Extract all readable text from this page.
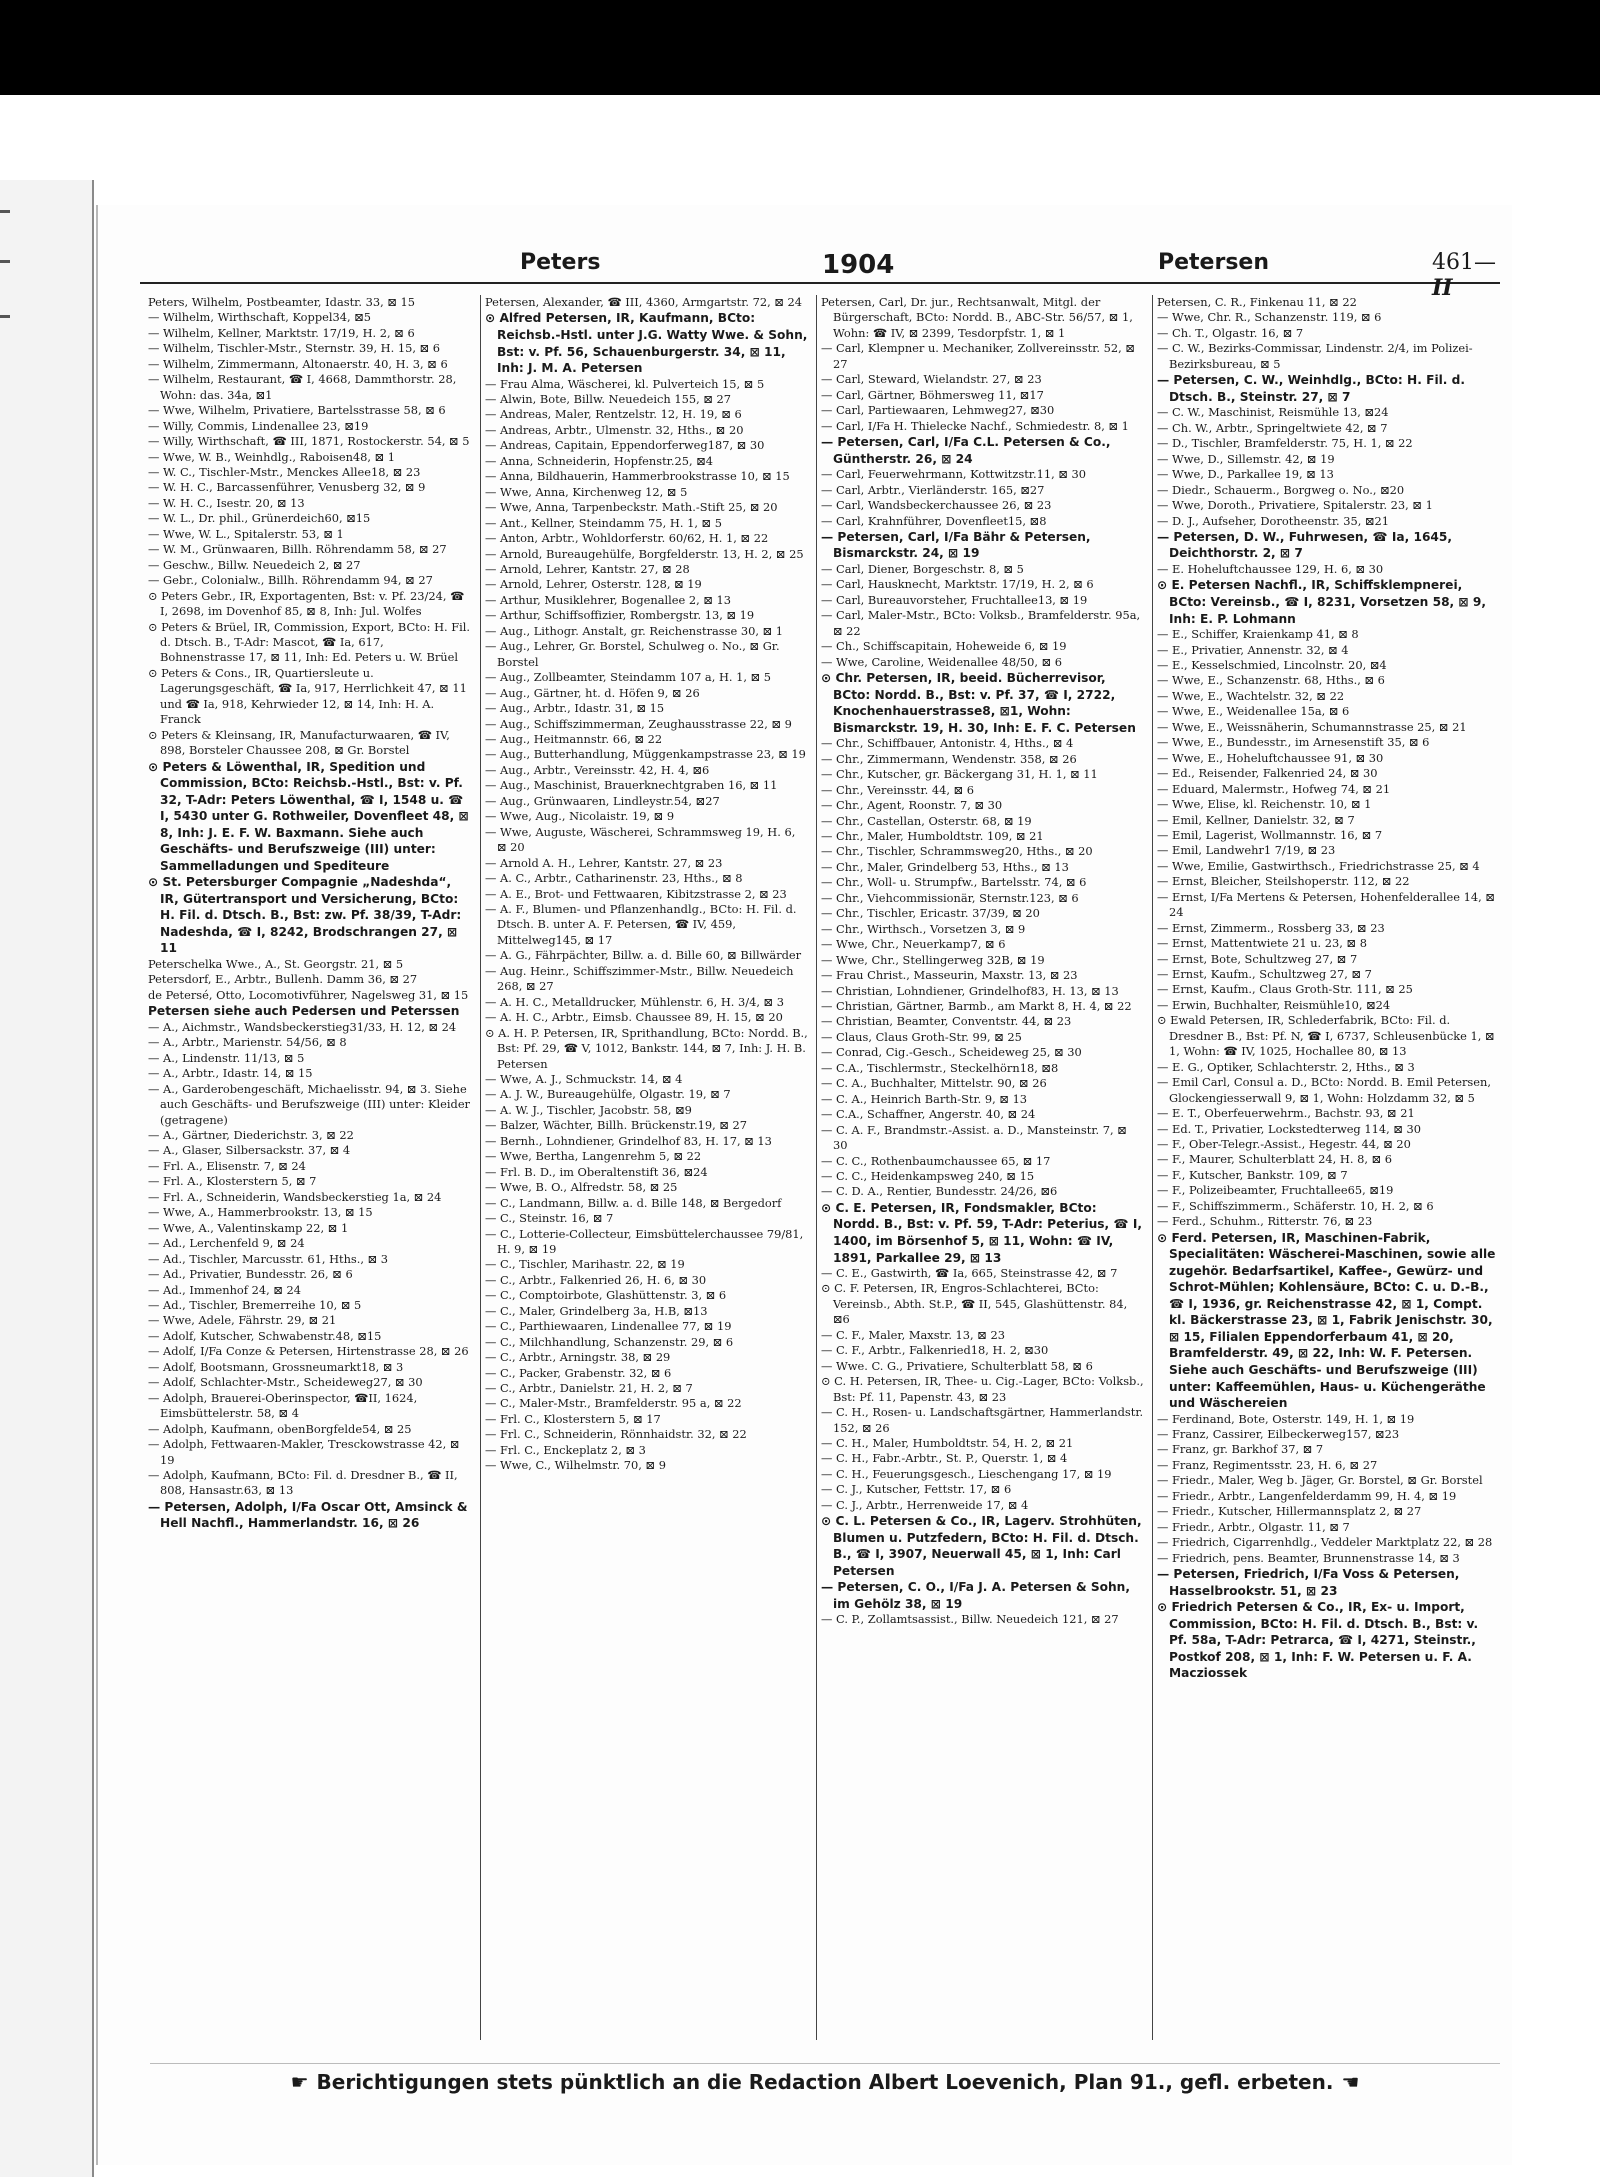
Peters	1904	Petersen	461—II

Peters, Wilhelm, Postbeamter, Idastr. 33, ⊠ 15

— Wilhelm, Wirthschaft, Koppel34, ⊠5

— Wilhelm, Kellner, Marktstr. 17/19, H. 2, ⊠ 6

— Wilhelm, Tischler-Mstr., Sternstr. 39, H. 15, ⊠ 6

— Wilhelm, Zimmermann, Altonaerstr. 40, H. 3, ⊠ 6

— Wilhelm, Restaurant, ☎ I, 4668, Dammthorstr. 28, Wohn: das. 34a, ⊠1

— Wwe, Wilhelm, Privatiere, Bartelsstrasse 58, ⊠ 6

— Willy, Commis, Lindenallee 23, ⊠19

— Willy, Wirthschaft, ☎ III, 1871, Rostockerstr. 54, ⊠ 5

— Wwe, W. B., Weinhdlg., Raboisen48, ⊠ 1

— W. C., Tischler-Mstr., Menckes Allee18, ⊠ 23

— W. H. C., Barcassenführer, Venusberg 32, ⊠ 9

— W. H. C., Isestr. 20, ⊠ 13

— W. L., Dr. phil., Grünerdeich60, ⊠15

— Wwe, W. L., Spitalerstr. 53, ⊠ 1

— W. M., Grünwaaren, Billh. Röhrendamm 58, ⊠ 27

— Geschw., Billw. Neuedeich 2, ⊠ 27

— Gebr., Colonialw., Billh. Röhrendamm 94, ⊠ 27

⊙ Peters Gebr., IR, Exportagenten, Bst: v. Pf. 23/24, ☎ I, 2698, im Dovenhof 85, ⊠ 8, Inh: Jul. Wolfes

⊙ Peters & Brüel, IR, Commission, Export, BCto: H. Fil. d. Dtsch. B., T-Adr: Mascot, ☎ Ia, 617, Bohnenstrasse 17, ⊠ 11, Inh: Ed. Peters u. W. Brüel

⊙ Peters & Cons., IR, Quartiersleute u. Lagerungsgeschäft, ☎ Ia, 917, Herrlichkeit 47, ⊠ 11 und ☎ Ia, 918, Kehrwieder 12, ⊠ 14, Inh: H. A. Franck

⊙ Peters & Kleinsang, IR, Manufacturwaaren, ☎ IV, 898, Borsteler Chaussee 208, ⊠ Gr. Borstel

⊙ Peters & Löwenthal, IR, Spedition und Commission, BCto: Reichsb.-Hstl., Bst: v. Pf. 32, T-Adr: Peters Löwenthal, ☎ I, 1548 u. ☎ I, 5430 unter G. Rothweiler, Dovenfleet 48, ⊠ 8, Inh: J. E. F. W. Baxmann. Siehe auch Geschäfts- und Berufszweige (III) unter: Sammelladungen und Spediteure

⊙ St. Petersburger Compagnie „Nadeshda“, IR, Gütertransport und Versicherung, BCto: H. Fil. d. Dtsch. B., Bst: zw. Pf. 38/39, T-Adr: Nadeshda, ☎ I, 8242, Brodschrangen 27, ⊠ 11

Peterschelka Wwe., A., St. Georgstr. 21, ⊠ 5

Petersdorf, E., Arbtr., Bullenh. Damm 36, ⊠ 27

de Petersé, Otto, Locomotivführer, Nagelsweg 31, ⊠ 15

Petersen siehe auch Pedersen und Peterssen

— A., Aichmstr., Wandsbeckerstieg31/33, H. 12, ⊠ 24

— A., Arbtr., Marienstr. 54/56, ⊠ 8

— A., Lindenstr. 11/13, ⊠ 5

— A., Arbtr., Idastr. 14, ⊠ 15

— A., Garderobengeschäft, Michaelisstr. 94, ⊠ 3. Siehe auch Geschäfts- und Berufszweige (III) unter: Kleider (getragene)

— A., Gärtner, Diederichstr. 3, ⊠ 22

— A., Glaser, Silbersackstr. 37, ⊠ 4

— Frl. A., Elisenstr. 7, ⊠ 24

— Frl. A., Klosterstern 5, ⊠ 7

— Frl. A., Schneiderin, Wandsbeckerstieg 1a, ⊠ 24

— Wwe, A., Hammerbrookstr. 13, ⊠ 15

— Wwe, A., Valentinskamp 22, ⊠ 1

— Ad., Lerchenfeld 9, ⊠ 24

— Ad., Tischler, Marcusstr. 61, Hths., ⊠ 3

— Ad., Privatier, Bundesstr. 26, ⊠ 6

— Ad., Immenhof 24, ⊠ 24

— Ad., Tischler, Bremerreihe 10, ⊠ 5

— Wwe, Adele, Fährstr. 29, ⊠ 21

— Adolf, Kutscher, Schwabenstr.48, ⊠15

— Adolf, I/Fa Conze & Petersen, Hirtenstrasse 28, ⊠ 26

— Adolf, Bootsmann, Grossneumarkt18, ⊠ 3

— Adolf, Schlachter-Mstr., Scheideweg27, ⊠ 30

— Adolph, Brauerei-Oberinspector, ☎II, 1624, Eimsbüttelerstr. 58, ⊠ 4

— Adolph, Kaufmann, obenBorgfelde54, ⊠ 25

— Adolph, Fettwaaren-Makler, Tresckowstrasse 42, ⊠ 19

— Adolph, Kaufmann, BCto: Fil. d. Dresdner B., ☎ II, 808, Hansastr.63, ⊠ 13

— Petersen, Adolph, I/Fa Oscar Ott, Amsinck & Hell Nachfl., Hammerlandstr. 16, ⊠ 26

Petersen, Alexander, ☎ III, 4360, Armgartstr. 72, ⊠ 24

⊙ Alfred Petersen, IR, Kaufmann, BCto: Reichsb.-Hstl. unter J.G. Watty Wwe. & Sohn, Bst: v. Pf. 56, Schauenburgerstr. 34, ⊠ 11, Inh: J. M. A. Petersen

— Frau Alma, Wäscherei, kl. Pulverteich 15, ⊠ 5

— Alwin, Bote, Billw. Neuedeich 155, ⊠ 27

— Andreas, Maler, Rentzelstr. 12, H. 19, ⊠ 6

— Andreas, Arbtr., Ulmenstr. 32, Hths., ⊠ 20

— Andreas, Capitain, Eppendorferweg187, ⊠ 30

— Anna, Schneiderin, Hopfenstr.25, ⊠4

— Anna, Bildhauerin, Hammerbrookstrasse 10, ⊠ 15

— Wwe, Anna, Kirchenweg 12, ⊠ 5

— Wwe, Anna, Tarpenbeckstr. Math.-Stift 25, ⊠ 20

— Ant., Kellner, Steindamm 75, H. 1, ⊠ 5

— Anton, Arbtr., Wohldorferstr. 60/62, H. 1, ⊠ 22

— Arnold, Bureaugehülfe, Borgfelderstr. 13, H. 2, ⊠ 25

— Arnold, Lehrer, Kantstr. 27, ⊠ 28

— Arnold, Lehrer, Osterstr. 128, ⊠ 19

— Arthur, Musiklehrer, Bogenallee 2, ⊠ 13

— Arthur, Schiffsoffizier, Rombergstr. 13, ⊠ 19

— Aug., Lithogr. Anstalt, gr. Reichenstrasse 30, ⊠ 1

— Aug., Lehrer, Gr. Borstel, Schulweg o. No., ⊠ Gr. Borstel

— Aug., Zollbeamter, Steindamm 107 a, H. 1, ⊠ 5

— Aug., Gärtner, ht. d. Höfen 9, ⊠ 26

— Aug., Arbtr., Idastr. 31, ⊠ 15

— Aug., Schiffszimmerman, Zeughausstrasse 22, ⊠ 9

— Aug., Heitmannstr. 66, ⊠ 22

— Aug., Butterhandlung, Müggenkampstrasse 23, ⊠ 19

— Aug., Arbtr., Vereinsstr. 42, H. 4, ⊠6

— Aug., Maschinist, Brauerknechtgraben 16, ⊠ 11

— Aug., Grünwaaren, Lindleystr.54, ⊠27

— Wwe, Aug., Nicolaistr. 19, ⊠ 9

— Wwe, Auguste, Wäscherei, Schrammsweg 19, H. 6, ⊠ 20

— Arnold A. H., Lehrer, Kantstr. 27, ⊠ 23

— A. C., Arbtr., Catharinenstr. 23, Hths., ⊠ 8

— A. E., Brot- und Fettwaaren, Kibitzstrasse 2, ⊠ 23

— A. F., Blumen- und Pflanzenhandlg., BCto: H. Fil. d. Dtsch. B. unter A. F. Petersen, ☎ IV, 459, Mittelweg145, ⊠ 17

— A. G., Fährpächter, Billw. a. d. Bille 60, ⊠ Billwärder

— Aug. Heinr., Schiffszimmer-Mstr., Billw. Neuedeich 268, ⊠ 27

— A. H. C., Metalldrucker, Mühlenstr. 6, H. 3/4, ⊠ 3

— A. H. C., Arbtr., Eimsb. Chaussee 89, H. 15, ⊠ 20

⊙ A. H. P. Petersen, IR, Sprithandlung, BCto: Nordd. B., Bst: Pf. 29, ☎ V, 1012, Bankstr. 144, ⊠ 7, Inh: J. H. B. Petersen

— Wwe, A. J., Schmuckstr. 14, ⊠ 4

— A. J. W., Bureaugehülfe, Olgastr. 19, ⊠ 7

— A. W. J., Tischler, Jacobstr. 58, ⊠9

— Balzer, Wächter, Billh. Brückenstr.19, ⊠ 27

— Bernh., Lohndiener, Grindelhof 83, H. 17, ⊠ 13

— Wwe, Bertha, Langenrehm 5, ⊠ 22

— Frl. B. D., im Oberaltenstift 36, ⊠24

— Wwe, B. O., Alfredstr. 58, ⊠ 25

— C., Landmann, Billw. a. d. Bille 148, ⊠ Bergedorf

— C., Steinstr. 16, ⊠ 7

— C., Lotterie-Collecteur, Eimsbüttelerchaussee 79/81, H. 9, ⊠ 19

— C., Tischler, Marihastr. 22, ⊠ 19

— C., Arbtr., Falkenried 26, H. 6, ⊠ 30

— C., Comptoirbote, Glashüttenstr. 3, ⊠ 6

— C., Maler, Grindelberg 3a, H.B, ⊠13

— C., Parthiewaaren, Lindenallee 77, ⊠ 19

— C., Milchhandlung, Schanzenstr. 29, ⊠ 6

— C., Arbtr., Arningstr. 38, ⊠ 29

— C., Packer, Grabenstr. 32, ⊠ 6

— C., Arbtr., Danielstr. 21, H. 2, ⊠ 7

— C., Maler-Mstr., Bramfelderstr. 95 a, ⊠ 22

— Frl. C., Klosterstern 5, ⊠ 17

— Frl. C., Schneiderin, Rönnhaidstr. 32, ⊠ 22

— Frl. C., Enckeplatz 2, ⊠ 3

— Wwe, C., Wilhelmstr. 70, ⊠ 9

Petersen, Carl, Dr. jur., Rechtsanwalt, Mitgl. der Bürgerschaft, BCto: Nordd. B., ABC-Str. 56/57, ⊠ 1, Wohn: ☎ IV, ⊠ 2399, Tesdorpfstr. 1, ⊠ 1

— Carl, Klempner u. Mechaniker, Zollvereinsstr. 52, ⊠ 27

— Carl, Steward, Wielandstr. 27, ⊠ 23

— Carl, Gärtner, Böhmersweg 11, ⊠17

— Carl, Partiewaaren, Lehmweg27, ⊠30

— Carl, I/Fa H. Thielecke Nachf., Schmiedestr. 8, ⊠ 1

— Petersen, Carl, I/Fa C.L. Petersen & Co., Güntherstr. 26, ⊠ 24

— Carl, Feuerwehrmann, Kottwitzstr.11, ⊠ 30

— Carl, Arbtr., Vierländerstr. 165, ⊠27

— Carl, Wandsbeckerchaussee 26, ⊠ 23

— Carl, Krahnführer, Dovenfleet15, ⊠8

— Petersen, Carl, I/Fa Bähr & Petersen, Bismarckstr. 24, ⊠ 19

— Carl, Diener, Borgeschstr. 8, ⊠ 5

— Carl, Hausknecht, Marktstr. 17/19, H. 2, ⊠ 6

— Carl, Bureauvorsteher, Fruchtallee13, ⊠ 19

— Carl, Maler-Mstr., BCto: Volksb., Bramfelderstr. 95a, ⊠ 22

— Ch., Schiffscapitain, Hoheweide 6, ⊠ 19

— Wwe, Caroline, Weidenallee 48/50, ⊠ 6

⊙ Chr. Petersen, IR, beeid. Bücherrevisor, BCto: Nordd. B., Bst: v. Pf. 37, ☎ I, 2722, Knochenhauerstrasse8, ⊠1, Wohn: Bismarckstr. 19, H. 30, Inh: E. F. C. Petersen

— Chr., Schiffbauer, Antonistr. 4, Hths., ⊠ 4

— Chr., Zimmermann, Wendenstr. 358, ⊠ 26

— Chr., Kutscher, gr. Bäckergang 31, H. 1, ⊠ 11

— Chr., Vereinsstr. 44, ⊠ 6

— Chr., Agent, Roonstr. 7, ⊠ 30

— Chr., Castellan, Osterstr. 68, ⊠ 19

— Chr., Maler, Humboldtstr. 109, ⊠ 21

— Chr., Tischler, Schrammsweg20, Hths., ⊠ 20

— Chr., Maler, Grindelberg 53, Hths., ⊠ 13

— Chr., Woll- u. Strumpfw., Bartelsstr. 74, ⊠ 6

— Chr., Viehcommissionär, Sternstr.123, ⊠ 6

— Chr., Tischler, Ericastr. 37/39, ⊠ 20

— Chr., Wirthsch., Vorsetzen 3, ⊠ 9

— Wwe, Chr., Neuerkamp7, ⊠ 6

— Wwe, Chr., Stellingerweg 32B, ⊠ 19

— Frau Christ., Masseurin, Maxstr. 13, ⊠ 23

— Christian, Lohndiener, Grindelhof83, H. 13, ⊠ 13

— Christian, Gärtner, Barmb., am Markt 8, H. 4, ⊠ 22

— Christian, Beamter, Conventstr. 44, ⊠ 23

— Claus, Claus Groth-Str. 99, ⊠ 25

— Conrad, Cig.-Gesch., Scheideweg 25, ⊠ 30

— C.A., Tischlermstr., Steckelhörn18, ⊠8

— C. A., Buchhalter, Mittelstr. 90, ⊠ 26

— C. A., Heinrich Barth-Str. 9, ⊠ 13

— C.A., Schaffner, Angerstr. 40, ⊠ 24

— C. A. F., Brandmstr.-Assist. a. D., Mansteinstr. 7, ⊠ 30

— C. C., Rothenbaumchaussee 65, ⊠ 17

— C. C., Heidenkampsweg 240, ⊠ 15

— C. D. A., Rentier, Bundesstr. 24/26, ⊠6

⊙ C. E. Petersen, IR, Fondsmakler, BCto: Nordd. B., Bst: v. Pf. 59, T-Adr: Peterius, ☎ I, 1400, im Börsenhof 5, ⊠ 11, Wohn: ☎ IV, 1891, Parkallee 29, ⊠ 13

— C. E., Gastwirth, ☎ Ia, 665, Steinstrasse 42, ⊠ 7

⊙ C. F. Petersen, IR, Engros-Schlachterei, BCto: Vereinsb., Abth. St.P., ☎ II, 545, Glashüttenstr. 84, ⊠6

— C. F., Maler, Maxstr. 13, ⊠ 23

— C. F., Arbtr., Falkenried18, H. 2, ⊠30

— Wwe. C. G., Privatiere, Schulterblatt 58, ⊠ 6

⊙ C. H. Petersen, IR, Thee- u. Cig.-Lager, BCto: Volksb., Bst: Pf. 11, Papenstr. 43, ⊠ 23

— C. H., Rosen- u. Landschaftsgärtner, Hammerlandstr. 152, ⊠ 26

— C. H., Maler, Humboldtstr. 54, H. 2, ⊠ 21

— C. H., Fabr.-Arbtr., St. P., Querstr. 1, ⊠ 4

— C. H., Feuerungsgesch., Lieschengang 17, ⊠ 19

— C. J., Kutscher, Fettstr. 17, ⊠ 6

— C. J., Arbtr., Herrenweide 17, ⊠ 4

⊙ C. L. Petersen & Co., IR, Lagerv. Strohhüten, Blumen u. Putzfedern, BCto: H. Fil. d. Dtsch. B., ☎ I, 3907, Neuerwall 45, ⊠ 1, Inh: Carl Petersen

— Petersen, C. O., I/Fa J. A. Petersen & Sohn, im Gehölz 38, ⊠ 19

— C. P., Zollamtsassist., Billw. Neuedeich 121, ⊠ 27

Petersen, C. R., Finkenau 11, ⊠ 22

— Wwe, Chr. R., Schanzenstr. 119, ⊠ 6

— Ch. T., Olgastr. 16, ⊠ 7

— C. W., Bezirks-Commissar, Lindenstr. 2/4, im Polizei-Bezirksbureau, ⊠ 5

— Petersen, C. W., Weinhdlg., BCto: H. Fil. d. Dtsch. B., Steinstr. 27, ⊠ 7

— C. W., Maschinist, Reismühle 13, ⊠24

— Ch. W., Arbtr., Springeltwiete 42, ⊠ 7

— D., Tischler, Bramfelderstr. 75, H. 1, ⊠ 22

— Wwe, D., Sillemstr. 42, ⊠ 19

— Wwe, D., Parkallee 19, ⊠ 13

— Diedr., Schauerm., Borgweg o. No., ⊠20

— Wwe, Doroth., Privatiere, Spitalerstr. 23, ⊠ 1

— D. J., Aufseher, Dorotheenstr. 35, ⊠21

— Petersen, D. W., Fuhrwesen, ☎ Ia, 1645, Deichthorstr. 2, ⊠ 7

— E. Hoheluftchaussee 129, H. 6, ⊠ 30

⊙ E. Petersen Nachfl., IR, Schiffsklempnerei, BCto: Vereinsb., ☎ I, 8231, Vorsetzen 58, ⊠ 9, Inh: E. P. Lohmann

— E., Schiffer, Kraienkamp 41, ⊠ 8

— E., Privatier, Annenstr. 32, ⊠ 4

— E., Kesselschmied, Lincolnstr. 20, ⊠4

— Wwe, E., Schanzenstr. 68, Hths., ⊠ 6

— Wwe, E., Wachtelstr. 32, ⊠ 22

— Wwe, E., Weidenallee 15a, ⊠ 6

— Wwe, E., Weissnäherin, Schumannstrasse 25, ⊠ 21

— Wwe, E., Bundesstr., im Arnesenstift 35, ⊠ 6

— Wwe, E., Hoheluftchaussee 91, ⊠ 30

— Ed., Reisender, Falkenried 24, ⊠ 30

— Eduard, Malermstr., Hofweg 74, ⊠ 21

— Wwe, Elise, kl. Reichenstr. 10, ⊠ 1

— Emil, Kellner, Danielstr. 32, ⊠ 7

— Emil, Lagerist, Wollmannstr. 16, ⊠ 7

— Emil, Landwehr1 7/19, ⊠ 23

— Wwe, Emilie, Gastwirthsch., Friedrichstrasse 25, ⊠ 4

— Ernst, Bleicher, Steilshoperstr. 112, ⊠ 22

— Ernst, I/Fa Mertens & Petersen, Hohenfelderallee 14, ⊠ 24

— Ernst, Zimmerm., Rossberg 33, ⊠ 23

— Ernst, Mattentwiete 21 u. 23, ⊠ 8

— Ernst, Bote, Schultzweg 27, ⊠ 7

— Ernst, Kaufm., Schultzweg 27, ⊠ 7

— Ernst, Kaufm., Claus Groth-Str. 111, ⊠ 25

— Erwin, Buchhalter, Reismühle10, ⊠24

⊙ Ewald Petersen, IR, Schlederfabrik, BCto: Fil. d. Dresdner B., Bst: Pf. N, ☎ I, 6737, Schleusenbücke 1, ⊠ 1, Wohn: ☎ IV, 1025, Hochallee 80, ⊠ 13

— E. G., Optiker, Schlachterstr. 2, Hths., ⊠ 3

— Emil Carl, Consul a. D., BCto: Nordd. B. Emil Petersen, Glockengiesserwall 9, ⊠ 1, Wohn: Holzdamm 32, ⊠ 5

— E. T., Oberfeuerwehrm., Bachstr. 93, ⊠ 21

— Ed. T., Privatier, Lockstedterweg 114, ⊠ 30

— F., Ober-Telegr.-Assist., Hegestr. 44, ⊠ 20

— F., Maurer, Schulterblatt 24, H. 8, ⊠ 6

— F., Kutscher, Bankstr. 109, ⊠ 7

— F., Polizeibeamter, Fruchtallee65, ⊠19

— F., Schiffszimmerm., Schäferstr. 10, H. 2, ⊠ 6

— Ferd., Schuhm., Ritterstr. 76, ⊠ 23

⊙ Ferd. Petersen, IR, Maschinen-Fabrik, Specialitäten: Wäscherei-Maschinen, sowie alle zugehör. Bedarfsartikel, Kaffee-, Gewürz- und Schrot-Mühlen; Kohlensäure, BCto: C. u. D.-B., ☎ I, 1936, gr. Reichenstrasse 42, ⊠ 1, Compt. kl. Bäckerstrasse 23, ⊠ 1, Fabrik Jenischstr. 30, ⊠ 15, Filialen Eppendorferbaum 41, ⊠ 20, Bramfelderstr. 49, ⊠ 22, Inh: W. F. Petersen. Siehe auch Geschäfts- und Berufszweige (III) unter: Kaffeemühlen, Haus- u. Küchengeräthe und Wäschereien

— Ferdinand, Bote, Osterstr. 149, H. 1, ⊠ 19

— Franz, Cassirer, Eilbeckerweg157, ⊠23

— Franz, gr. Barkhof 37, ⊠ 7

— Franz, Regimentsstr. 23, H. 6, ⊠ 27

— Friedr., Maler, Weg b. Jäger, Gr. Borstel, ⊠ Gr. Borstel

— Friedr., Arbtr., Langenfelderdamm 99, H. 4, ⊠ 19

— Friedr., Kutscher, Hillermannsplatz 2, ⊠ 27

— Friedr., Arbtr., Olgastr. 11, ⊠ 7

— Friedrich, Cigarrenhdlg., Veddeler Marktplatz 22, ⊠ 28

— Friedrich, pens. Beamter, Brunnenstrasse 14, ⊠ 3

— Petersen, Friedrich, I/Fa Voss & Petersen, Hasselbrookstr. 51, ⊠ 23

⊙ Friedrich Petersen & Co., IR, Ex- u. Import, Commission, BCto: H. Fil. d. Dtsch. B., Bst: v. Pf. 58a, T-Adr: Petrarca, ☎ I, 4271, Steinstr., Postkof 208, ⊠ 1, Inh: F. W. Petersen u. F. A. Macziossek

☛ Berichtigungen stets pünktlich an die Redaction Albert Loevenich, Plan 91., gefl. erbeten. ☚
